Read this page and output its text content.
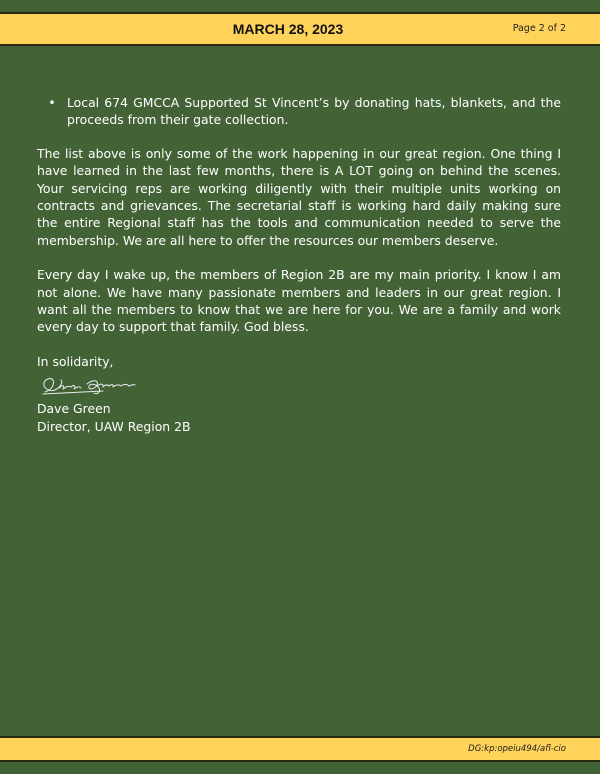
MARCH 28, 2023	Page 2 of 2
• Local 674 GMCCA Supported St Vincent’s by donating hats, blankets, and the proceeds from their gate collection.

The list above is only some of the work happening in our great region. One thing I have learned in the last few months, there is A LOT going on behind the scenes. Your servicing reps are working diligently with their multiple units working on contracts and grievances. The secretarial staff is working hard daily making sure the entire Regional staff has the tools and communication needed to serve the membership. We are all here to offer the resources our members deserve.

Every day I wake up, the members of Region 2B are my main priority. I know I am not alone. We have many passionate members and leaders in our great region. I want all the members to know that we are here for you. We are a family and work every day to support that family. God bless.

In solidarity,

Dave Green

Director, UAW Region 2B

DG:kp:opeiu494/afl-cio
